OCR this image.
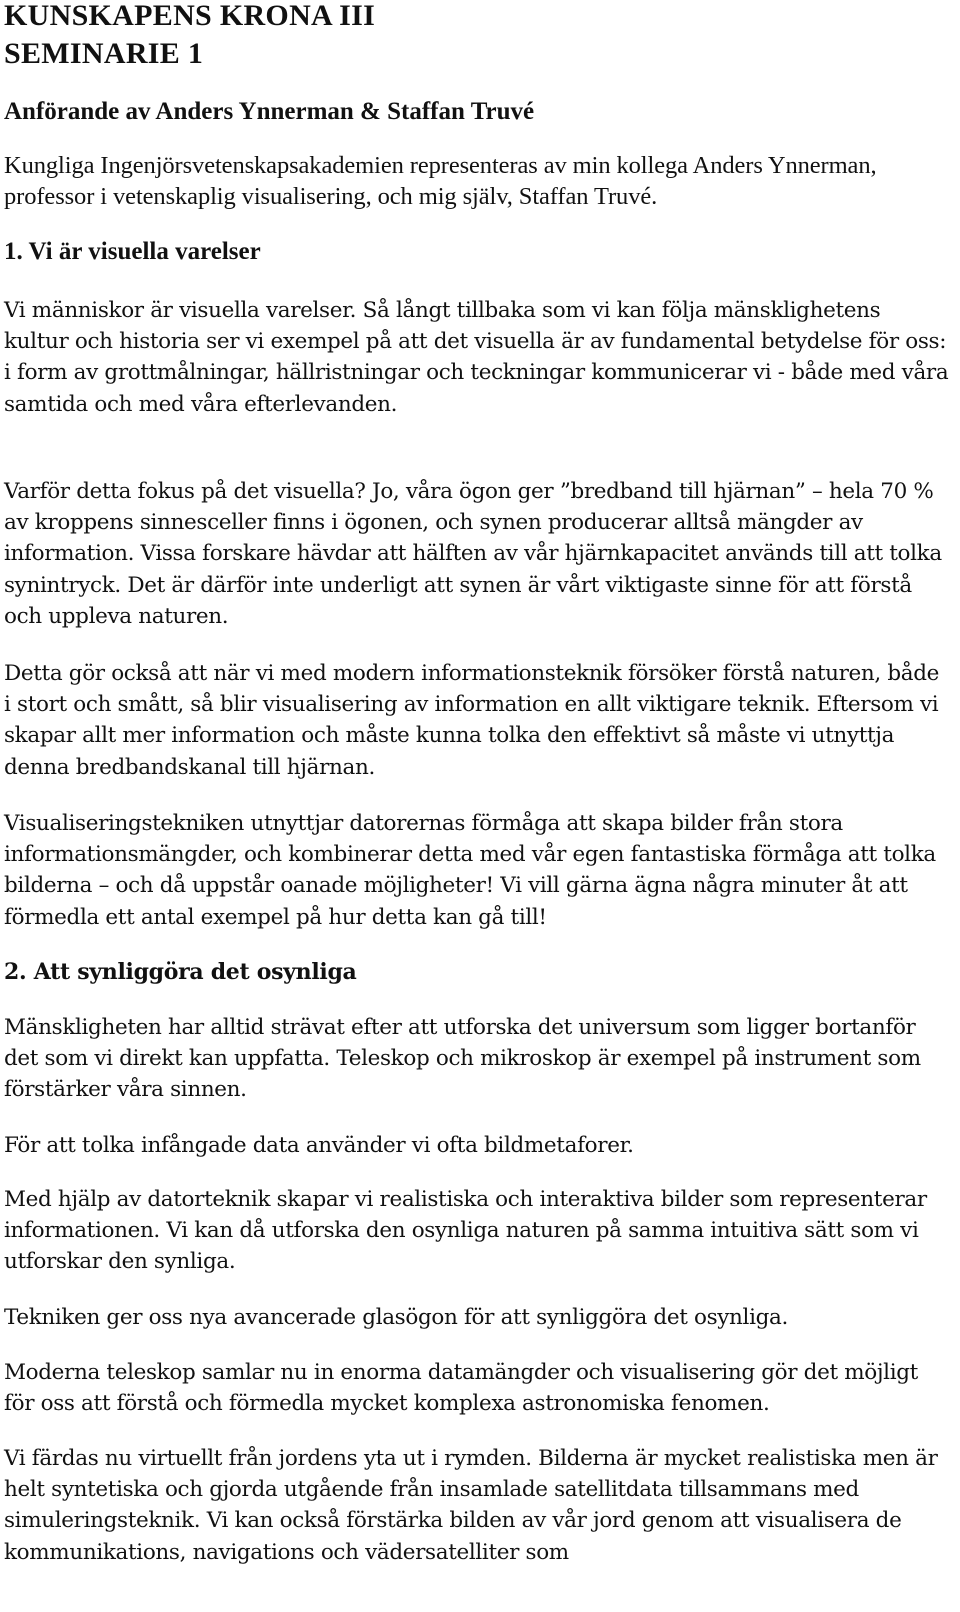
KUNSKAPENS KRONA III
SEMINARIE 1
Anförande av Anders Ynnerman & Staffan Truvé

Kungliga Ingenjörsvetenskapsakademien representeras av min kollega Anders Ynnerman, professor i vetenskaplig visualisering, och mig själv, Staffan Truvé.

1. Vi är visuella varelser

Vi människor är visuella varelser. Så långt tillbaka som vi kan följa mänsklighetens kultur och historia ser vi exempel på att det visuella är av fundamental betydelse för oss: i form av grottmålningar, hällristningar och teckningar kommunicerar vi - både med våra samtida och med våra efterlevanden.

Varför detta fokus på det visuella? Jo, våra ögon ger ”bredband till hjärnan” – hela 70 % av kroppens sinnesceller finns i ögonen, och synen producerar alltså mängder av information. Vissa forskare hävdar att hälften av vår hjärnkapacitet används till att tolka synintryck. Det är därför inte underligt att synen är vårt viktigaste sinne för att förstå och uppleva naturen.

Detta gör också att när vi med modern informationsteknik försöker förstå naturen, både i stort och smått, så blir visualisering av information en allt viktigare teknik. Eftersom vi skapar allt mer information och måste kunna tolka den effektivt så måste vi utnyttja denna bredbandskanal till hjärnan.

Visualiseringstekniken utnyttjar datorernas förmåga att skapa bilder från stora informationsmängder, och kombinerar detta med vår egen fantastiska förmåga att tolka bilderna – och då uppstår oanade möjligheter! Vi vill gärna ägna några minuter åt att förmedla ett antal exempel på hur detta kan gå till!

2. Att synliggöra det osynliga

Mänskligheten har alltid strävat efter att utforska det universum som ligger bortanför det som vi direkt kan uppfatta. Teleskop och mikroskop är exempel på instrument som förstärker våra sinnen.

För att tolka infångade data använder vi ofta bildmetaforer.

Med hjälp av datorteknik skapar vi realistiska och interaktiva bilder som representerar informationen. Vi kan då utforska den osynliga naturen på samma intuitiva sätt som vi utforskar den synliga.

Tekniken ger oss nya avancerade glasögon för att synliggöra det osynliga.

Moderna teleskop samlar nu in enorma datamängder och visualisering gör det möjligt för oss att förstå och förmedla mycket komplexa astronomiska fenomen.

Vi färdas nu virtuellt från jordens yta ut i rymden. Bilderna är mycket realistiska men är helt syntetiska och gjorda utgående från insamlade satellitdata tillsammans med simuleringsteknik. Vi kan också förstärka bilden av vår jord genom att visualisera de kommunikations, navigations och vädersatelliter som
